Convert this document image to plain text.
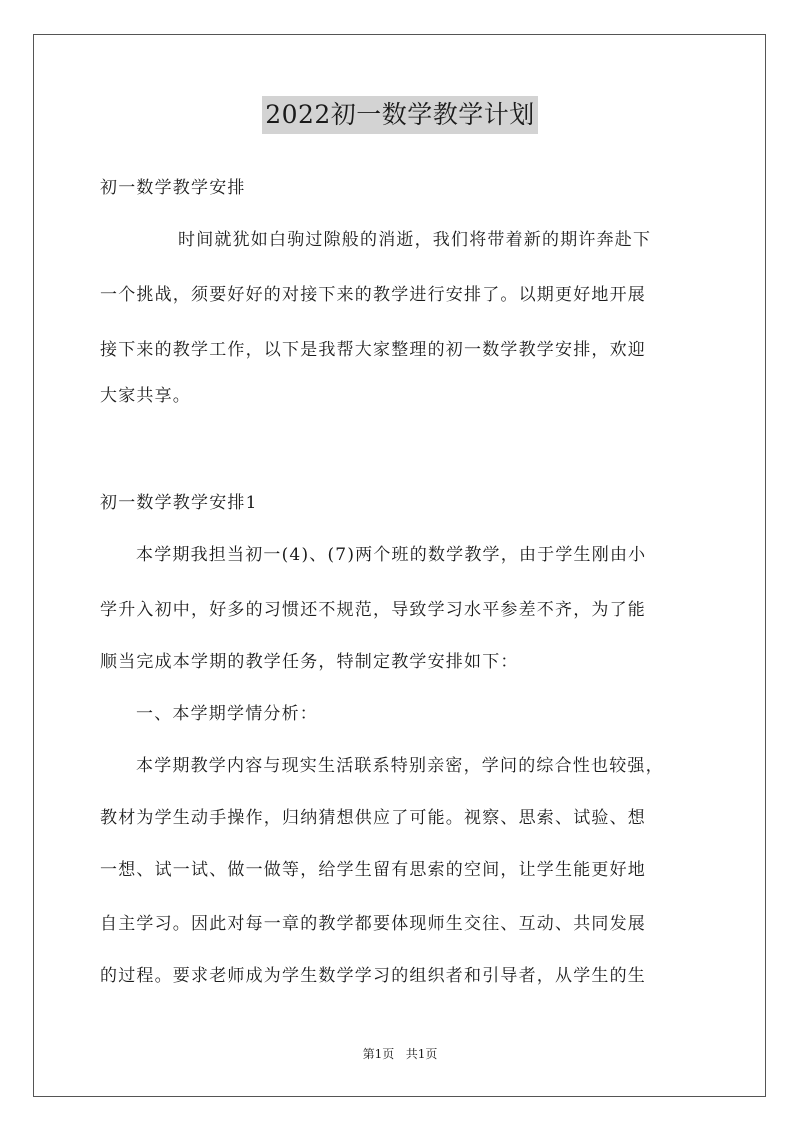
2022初一数学教学计划
初一数学教学安排
时间就犹如白驹过隙般的消逝，我们将带着新的期许奔赴下
一个挑战，须要好好的对接下来的教学进行安排了。以期更好地开展
接下来的教学工作，以下是我帮大家整理的初一数学教学安排，欢迎
大家共享。
初一数学教学安排1
本学期我担当初一(4)、(7)两个班的数学教学，由于学生刚由小
学升入初中，好多的习惯还不规范，导致学习水平参差不齐，为了能
顺当完成本学期的教学任务，特制定教学安排如下：
一、本学期学情分析：
本学期教学内容与现实生活联系特别亲密，学问的综合性也较强，
教材为学生动手操作，归纳猜想供应了可能。视察、思索、试验、想
一想、试一试、做一做等，给学生留有思索的空间，让学生能更好地
自主学习。因此对每一章的教学都要体现师生交往、互动、共同发展
的过程。要求老师成为学生数学学习的组织者和引导者，从学生的生
第1页   共1页
